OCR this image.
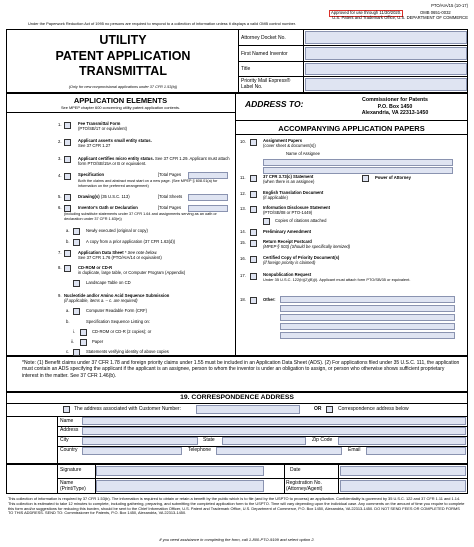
PTO/AIA/15 (10-17)
Approved for use through 11/30/2020.	OMB 0651-0032
U.S. Patent and Trademark Office; U.S. DEPARTMENT OF COMMERCE
Under the Paperwork Reduction Act of 1995 no persons are required to respond to a collection of information unless it displays a valid OMB control number.
UTILITY
PATENT APPLICATION
TRANSMITTAL
(Only for new nonprovisional applications under 37 CFR 1.53(b))
Attorney Docket No.
First Named Inventor
Title
Priority Mail Express®
Label No.
APPLICATION ELEMENTS
See MPEP chapter 600 concerning utility patent application contents.
1.	Fee Transmittal Form
(PTO/SB/17 or equivalent)
2.	Applicant asserts small entity status.
See 37 CFR 1.27
3.	Applicant certifies micro entity status. See 37 CFR 1.29. Applicant must attach form PTO/SB/15A or B or equivalent.
4.	Specification	[Total Pages
Both the claims and abstract must start on a new page. (See MPEP § 608.01(a) for information on the preferred arrangement)
5.	Drawing(s) (35 U.S.C. 113)	[Total Sheets
6.	Inventor's Oath or Declaration	[Total Pages
(including substitute statements under 37 CFR 1.64 and assignments serving as an oath or declaration under 37 CFR 1.63(e))
a.	Newly executed (original or copy)
b.	A copy from a prior application (37 CFR 1.63(d))
7.	Application Data Sheet * See note below.
See 37 CFR 1.76 (PTO/AIA/14 or equivalent)
8.	CD-ROM or CD-R
in duplicate, large table, or Computer Program (Appendix)
Landscape Table on CD
9. Nucleotide and/or Amino Acid Sequence Submission
(if applicable, items a. – c. are required)
a.	Computer Readable Form (CRF)
b.	Specification Sequence Listing on:
i.	CD-ROM or CD-R (2 copies); or
ii.	Paper
c.	Statements verifying identity of above copies
ADDRESS TO:	Commissioner for Patents
P.O. Box 1450
Alexandria, VA 22313-1450
ACCOMPANYING APPLICATION PAPERS
10.	Assignment Papers
(cover sheet & document(s))
Name of Assignee
11.	37 CFR 3.73(c) Statement
(when there is an assignee)
Power of Attorney
12.	English Translation Document
(if applicable)
13.	Information Disclosure Statement
(PTO/SB/08 or PTO-1449)
Copies of citations attached
14.	Preliminary Amendment
15.	Return Receipt Postcard
(MPEP § 503) (Should be specifically itemized)
16.	Certified Copy of Priority Document(s)
(if foreign priority is claimed)
17.	Nonpublication Request
Under 35 U.S.C. 122(b)(2)(B)(i). Applicant must attach form PTO/SB/35 or equivalent.
18.	Other:
*Note: (1) Benefit claims under 37 CFR 1.78 and foreign priority claims under 1.55 must be included in an Application Data Sheet (ADS). (2) For applications filed under 35 U.S.C. 111, the application must contain an ADS specifying the applicant if the applicant is an assignee, person to whom the inventor is under an obligation to assign, or person who otherwise shows sufficient proprietary interest in the matter. See 37 CFR 1.46(b).
19. CORRESPONDENCE ADDRESS
The address associated with Customer Number:	OR	Correspondence address below
Name
Address
City	State	Zip Code
Country	Telephone	Email
Signature	Date
Name
(Print/Type)
Registration No.
(Attorney/Agent)
This collection of information is required by 37 CFR 1.53(b). The information is required to obtain or retain a benefit by the public which is to file (and by the USPTO to process) an application. Confidentiality is governed by 35 U.S.C. 122 and 37 CFR 1.11 and 1.14. This collection is estimated to take 12 minutes to complete, including gathering, preparing, and submitting the completed application form to the USPTO. Time will vary depending upon the individual case. Any comments on the amount of time you require to complete this form and/or suggestions for reducing this burden, should be sent to the Chief Information Officer, U.S. Patent and Trademark Office, U.S. Department of Commerce, P.O. Box 1450, Alexandria, VA 22313-1450. DO NOT SEND FEES OR COMPLETED FORMS TO THIS ADDRESS. SEND TO: Commissioner for Patents, P.O. Box 1450, Alexandria, VA 22313-1450.
If you need assistance in completing the form, call 1-800-PTO-9199 and select option 2.
